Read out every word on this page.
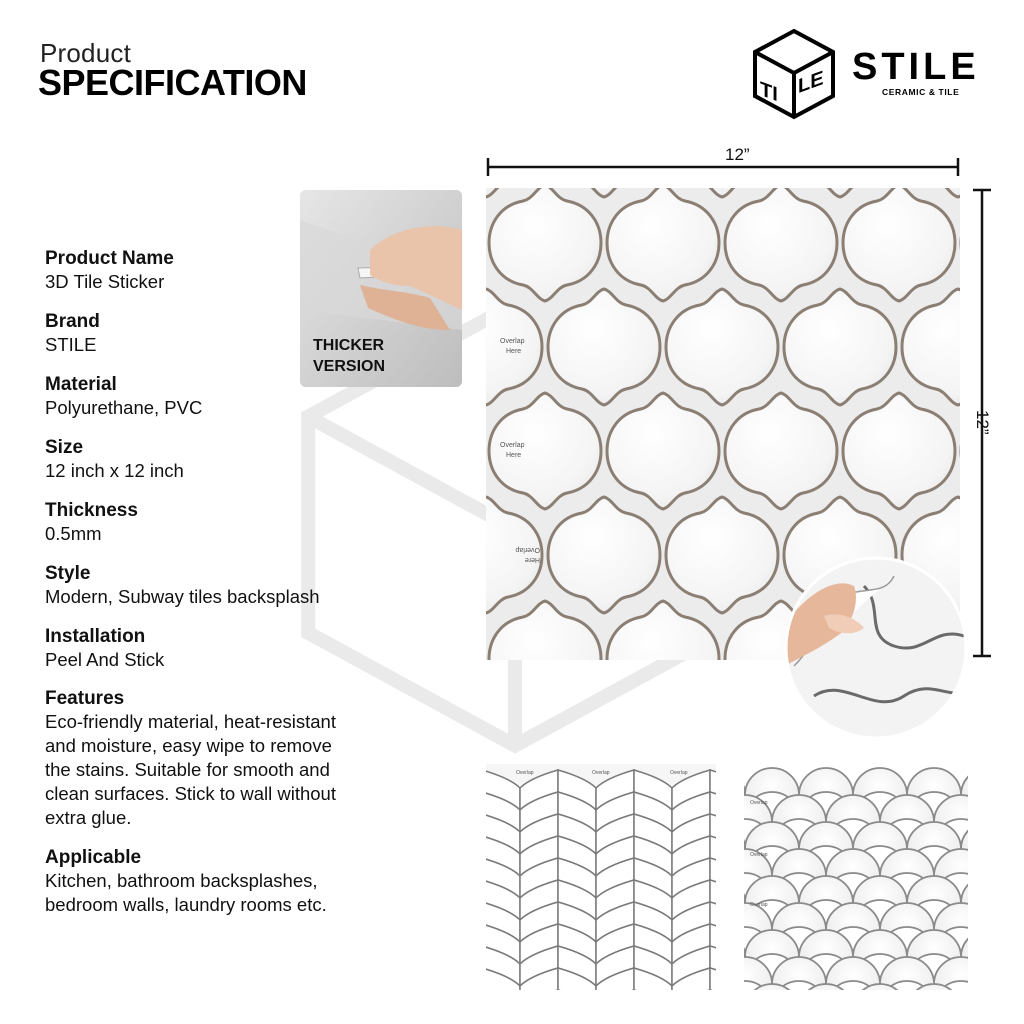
Product
SPECIFICATION	TI LE STILE
CERAMIC & TILE
Product Name
3D Tile Sticker
Brand
STILE
Material
Polyurethane, PVC
Size
12 inch x 12 inch
Thickness
0.5mm
Style
Modern, Subway tiles backsplash
Installation
Peel And Stick
Features
Eco-friendly material, heat-resistant and moisture, easy wipe to remove the stains. Suitable for smooth and clean surfaces. Stick to wall without extra glue.
Applicable
Kitchen, bathroom backsplashes, bedroom walls, laundry rooms etc.
THICKER
VERSION
12”
12”
Overlap
Here
Overlap
Here
Here
Overlap
Overlap	Overlap	Overlap
Overlap
Overlap
Overlap
